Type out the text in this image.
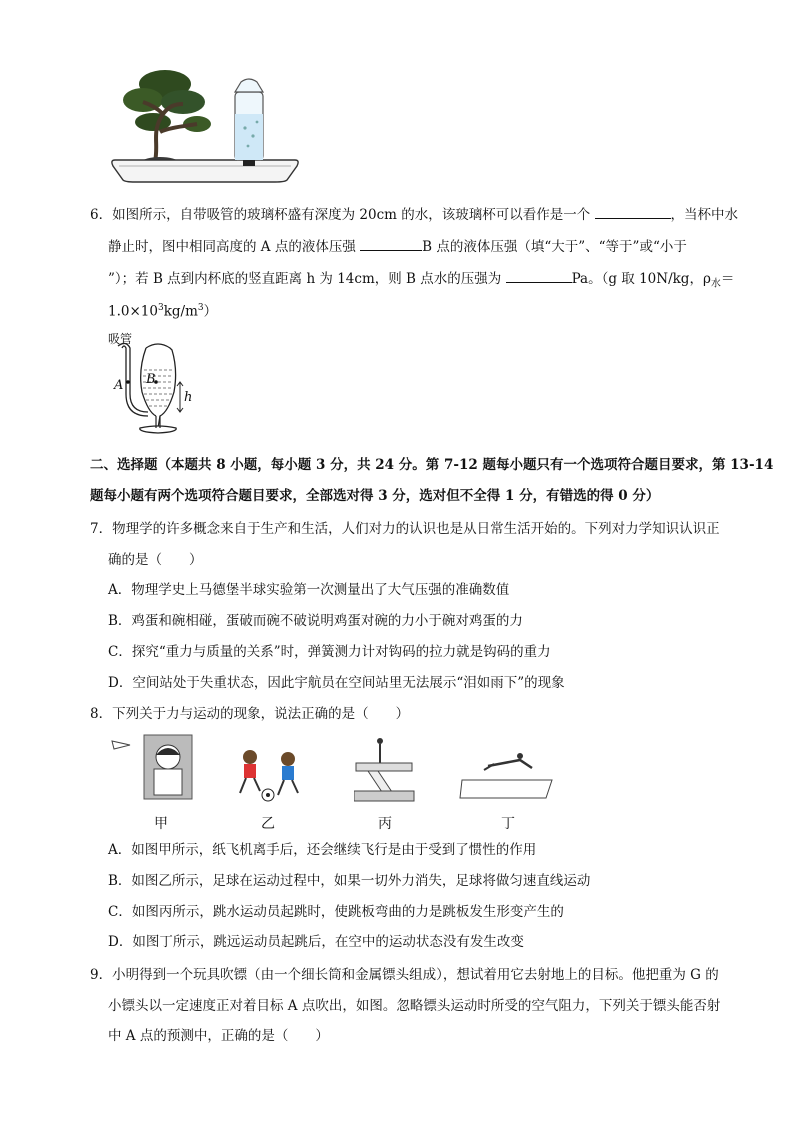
6．如图所示，自带吸管的玻璃杯盛有深度为 20cm 的水，该玻璃杯可以看作是一个	，当杯中水
静止时，图中相同高度的 A 点的液体压强	B 点的液体压强（填“大于”、“等于”或“小于
”）；若 B 点到内杯底的竖直距离 h 为 14cm，则 B 点水的压强为	Pa。（g 取 10N/kg，$\rho_水=$
$1.0\times 10^3kg/m^3$）
吸管
A B
h
二、选择题（本题共 8 小题，每小题 3 分，共 24 分。第 7-12 题每小题只有一个选项符合题目要求，第 13-14
题每小题有两个选项符合题目要求，全部选对得 3 分，选对但不全得 1 分，有错选的得 0 分）
7．物理学的许多概念来自于生产和生活，人们对力的认识也是从日常生活开始的。下列对力学知识认识正
确的是（　　）
A．物理学史上马德堡半球实验第一次测量出了大气压强的准确数值
B．鸡蛋和碗相碰，蛋破而碗不破说明鸡蛋对碗的力小于碗对鸡蛋的力
C．探究“重力与质量的关系”时，弹簧测力计对钩码的拉力就是钩码的重力
D．空间站处于失重状态，因此宇航员在空间站里无法展示“泪如雨下”的现象
8．下列关于力与运动的现象，说法正确的是（　　）
甲	乙	丙	丁
A．如图甲所示，纸飞机离手后，还会继续飞行是由于受到了惯性的作用
B．如图乙所示，足球在运动过程中，如果一切外力消失，足球将做匀速直线运动
C．如图丙所示，跳水运动员起跳时，使跳板弯曲的力是跳板发生形变产生的
D．如图丁所示，跳远运动员起跳后，在空中的运动状态没有发生改变
9．小明得到一个玩具吹镖（由一个细长筒和金属镖头组成），想试着用它去射地上的目标。他把重为 G 的
小镖头以一定速度正对着目标 A 点吹出，如图。忽略镖头运动时所受的空气阻力，下列关于镖头能否射
中 A 点的预测中，正确的是（　　）
